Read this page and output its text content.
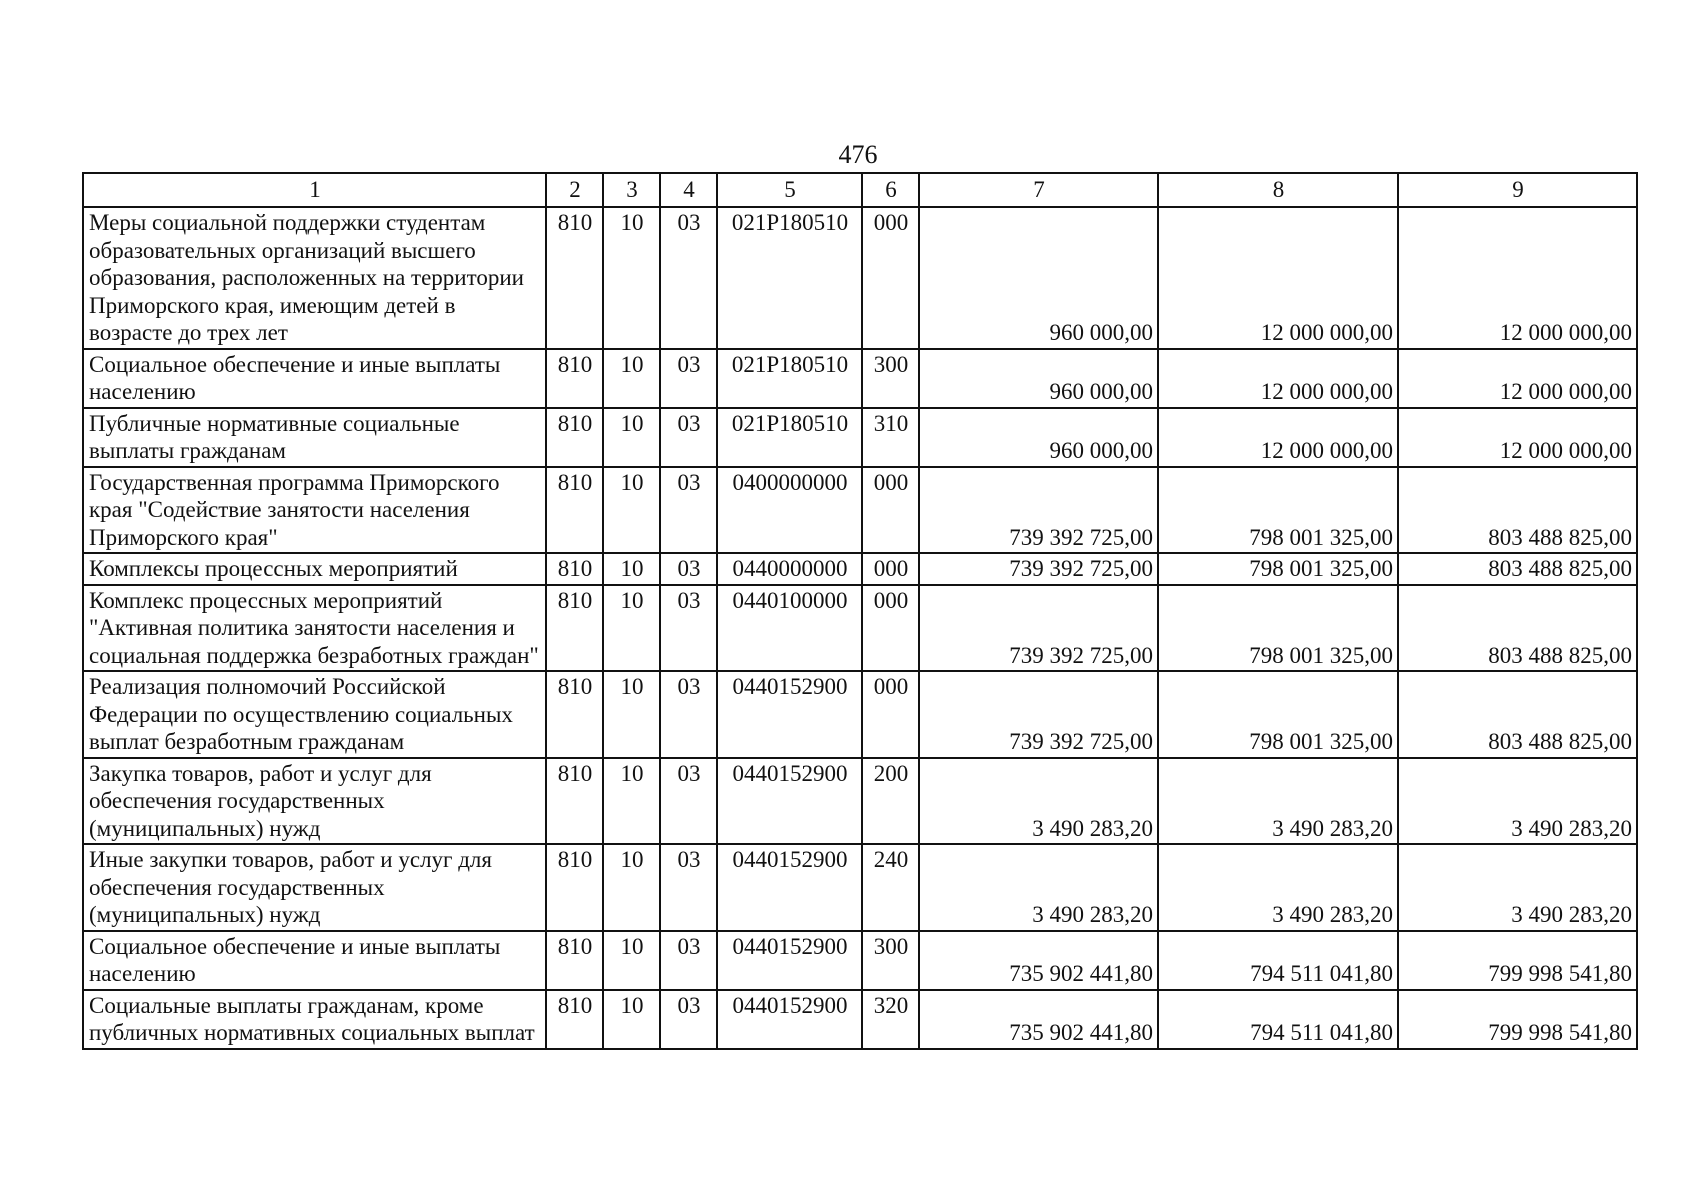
476
1	2	3	4	5	6	7	8	9
Меры социальной поддержки студентам образовательных организаций высшего образования, расположенных на территории Приморского края, имеющим детей в возрасте до трех лет	810	10	03	021P180510	000	960 000,00	12 000 000,00	12 000 000,00
Социальное обеспечение и иные выплаты населению	810	10	03	021P180510	300	960 000,00	12 000 000,00	12 000 000,00
Публичные нормативные социальные выплаты гражданам	810	10	03	021P180510	310	960 000,00	12 000 000,00	12 000 000,00
Государственная программа Приморского края "Содействие занятости населения Приморского края"	810	10	03	0400000000	000	739 392 725,00	798 001 325,00	803 488 825,00
Комплексы процессных мероприятий	810	10	03	0440000000	000	739 392 725,00	798 001 325,00	803 488 825,00
Комплекс процессных мероприятий "Активная политика занятости населения и социальная поддержка безработных граждан"	810	10	03	0440100000	000	739 392 725,00	798 001 325,00	803 488 825,00
Реализация полномочий Российской Федерации по осуществлению социальных выплат безработным гражданам	810	10	03	0440152900	000	739 392 725,00	798 001 325,00	803 488 825,00
Закупка товаров, работ и услуг для обеспечения государственных (муниципальных) нужд	810	10	03	0440152900	200	3 490 283,20	3 490 283,20	3 490 283,20
Иные закупки товаров, работ и услуг для обеспечения государственных (муниципальных) нужд	810	10	03	0440152900	240	3 490 283,20	3 490 283,20	3 490 283,20
Социальное обеспечение и иные выплаты населению	810	10	03	0440152900	300	735 902 441,80	794 511 041,80	799 998 541,80
Социальные выплаты гражданам, кроме публичных нормативных социальных выплат	810	10	03	0440152900	320	735 902 441,80	794 511 041,80	799 998 541,80
